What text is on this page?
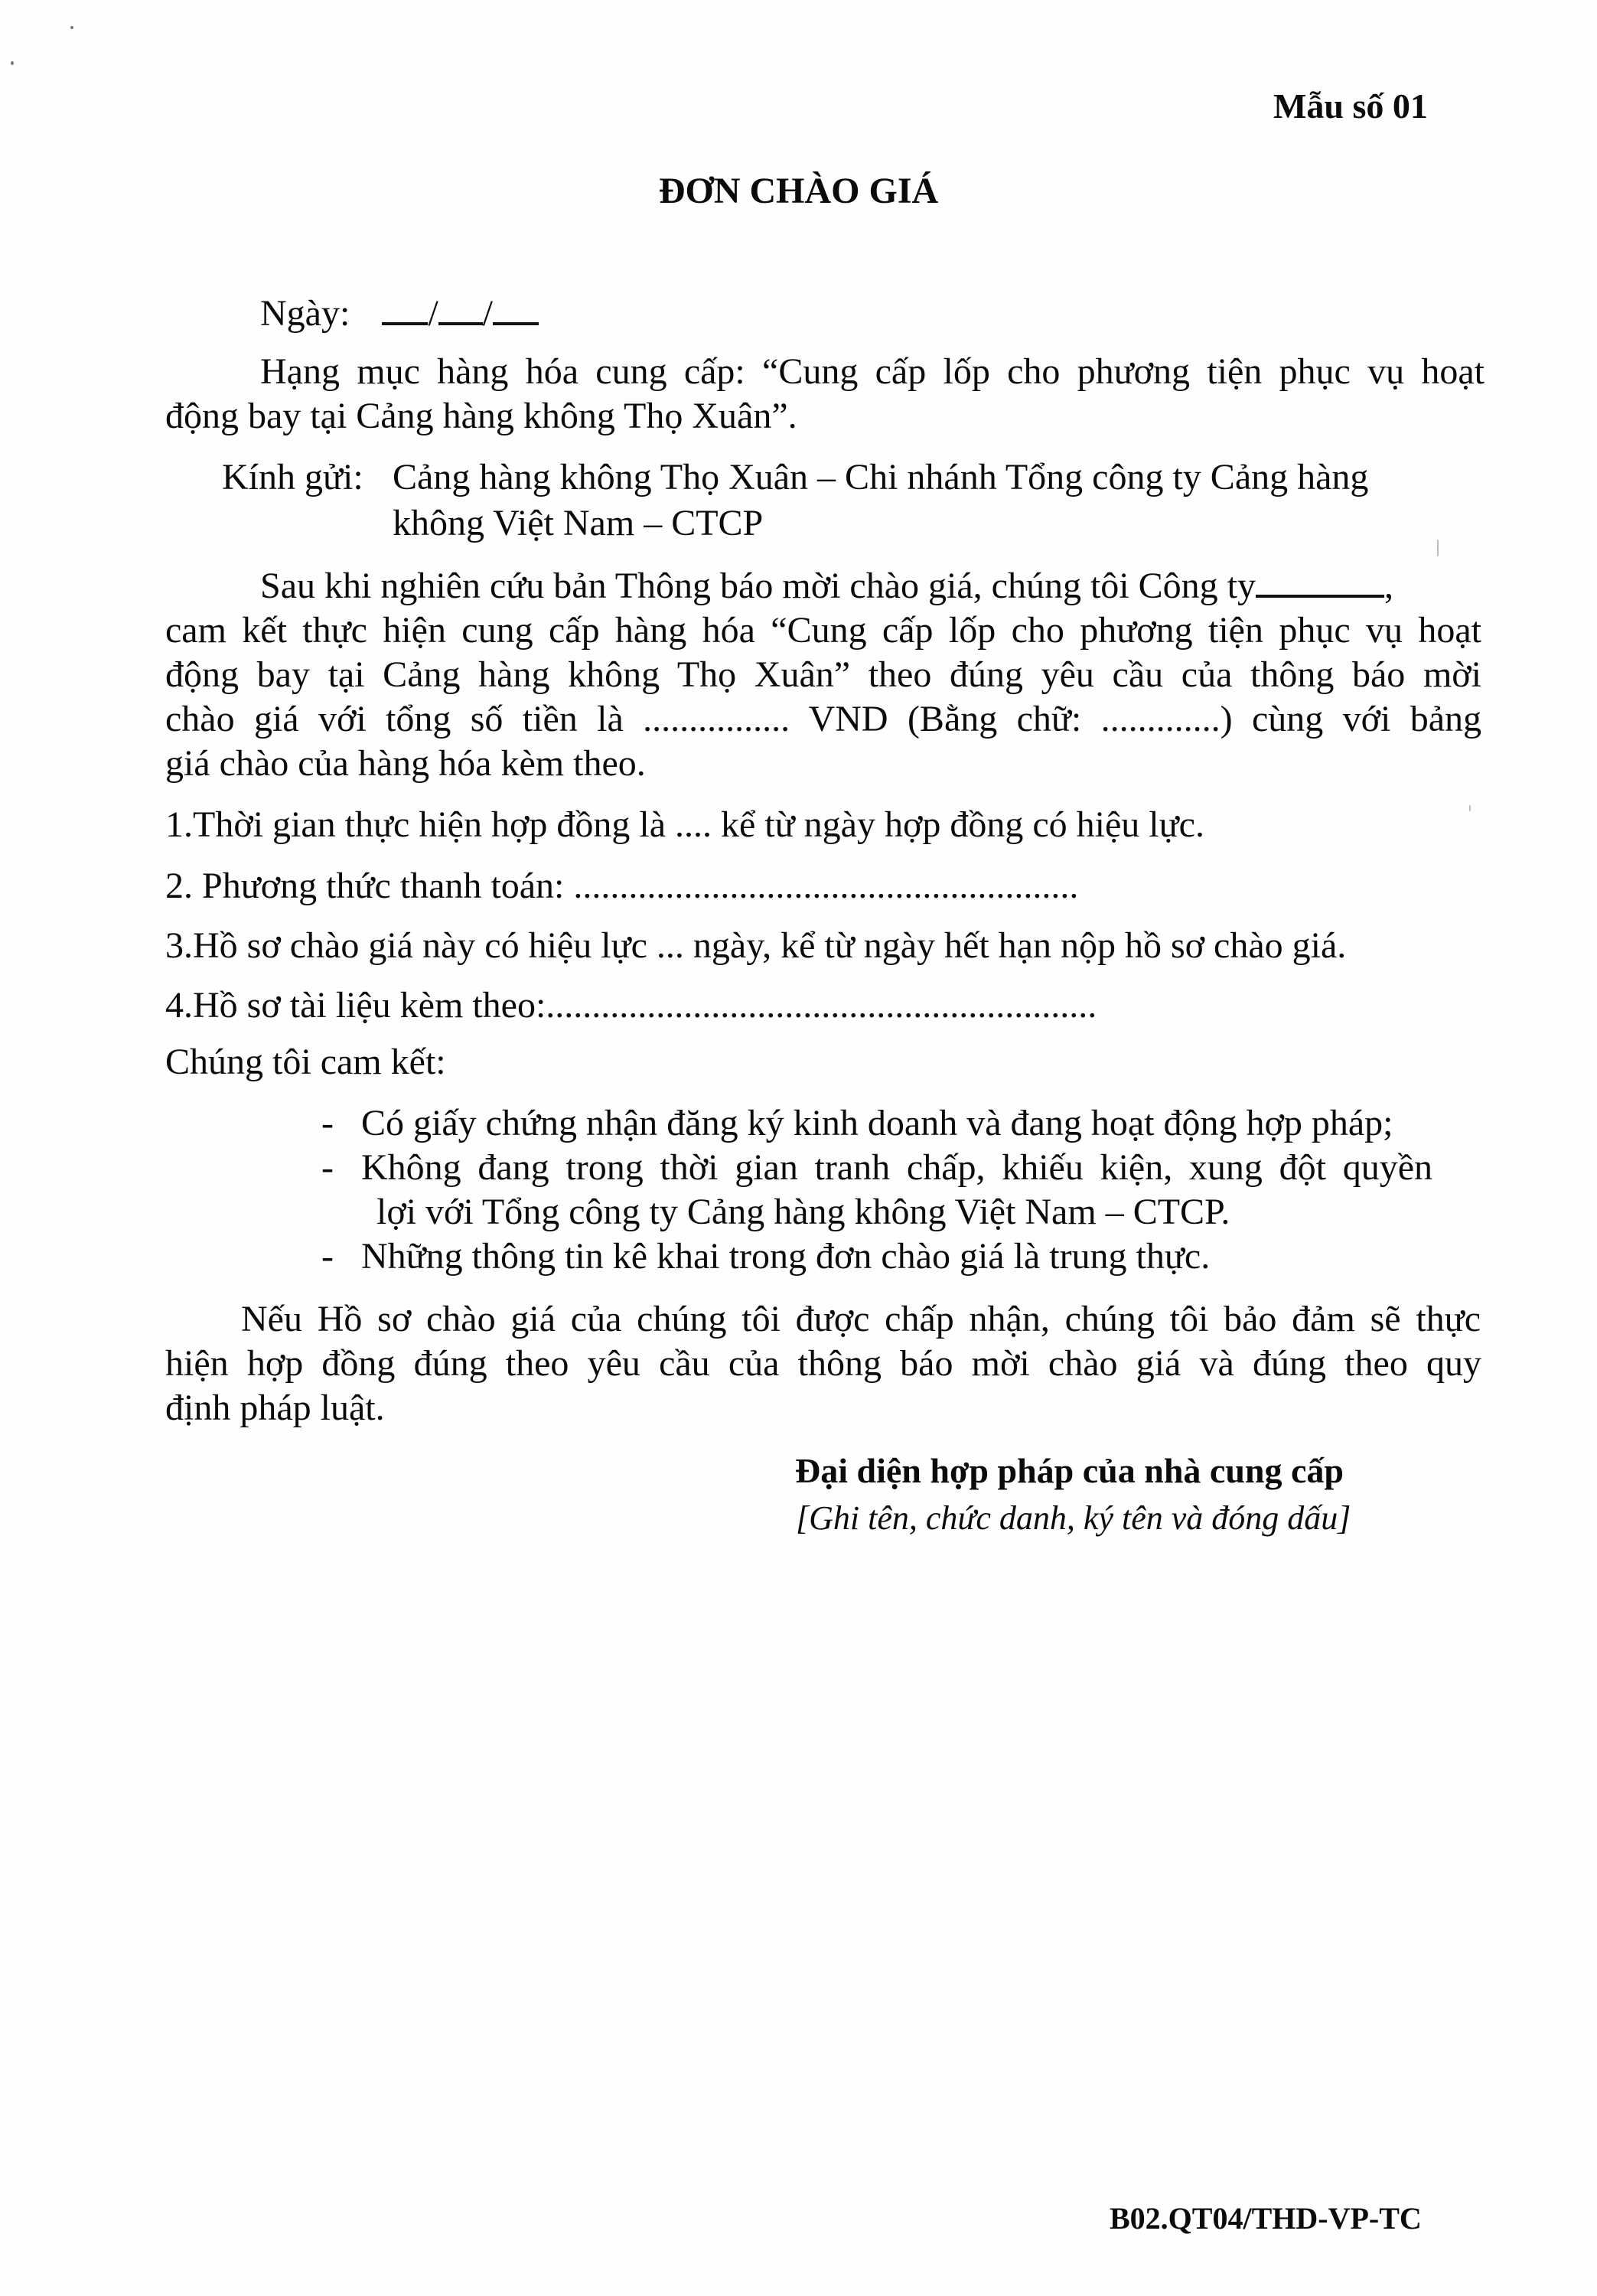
Mẫu số 01
ĐƠN CHÀO GIÁ
Ngày: / /
Hạng mục hàng hóa cung cấp: “Cung cấp lốp cho phương tiện phục vụ hoạt
động bay tại Cảng hàng không Thọ Xuân”.
Kính gửi: Cảng hàng không Thọ Xuân – Chi nhánh Tổng công ty Cảng hàng
không Việt Nam – CTCP
Sau khi nghiên cứu bản Thông báo mời chào giá, chúng tôi Công ty	,
cam kết thực hiện cung cấp hàng hóa “Cung cấp lốp cho phương tiện phục vụ hoạt
động bay tại Cảng hàng không Thọ Xuân” theo đúng yêu cầu của thông báo mời
chào giá với tổng số tiền là ................ VND (Bằng chữ: .............) cùng với bảng
giá chào của hàng hóa kèm theo.
1.Thời gian thực hiện hợp đồng là .... kể từ ngày hợp đồng có hiệu lực.
2. Phương thức thanh toán: .......................................................
3.Hồ sơ chào giá này có hiệu lực ... ngày, kể từ ngày hết hạn nộp hồ sơ chào giá.
4.Hồ sơ tài liệu kèm theo:............................................................
Chúng tôi cam kết:
- Có giấy chứng nhận đăng ký kinh doanh và đang hoạt động hợp pháp;
- Không đang trong thời gian tranh chấp, khiếu kiện, xung đột quyền
lợi với Tổng công ty Cảng hàng không Việt Nam – CTCP.
- Những thông tin kê khai trong đơn chào giá là trung thực.
Nếu Hồ sơ chào giá của chúng tôi được chấp nhận, chúng tôi bảo đảm sẽ thực
hiện hợp đồng đúng theo yêu cầu của thông báo mời chào giá và đúng theo quy
định pháp luật.
Đại diện hợp pháp của nhà cung cấp
[Ghi tên, chức danh, ký tên và đóng dấu]
B02.QT04/THD-VP-TC
